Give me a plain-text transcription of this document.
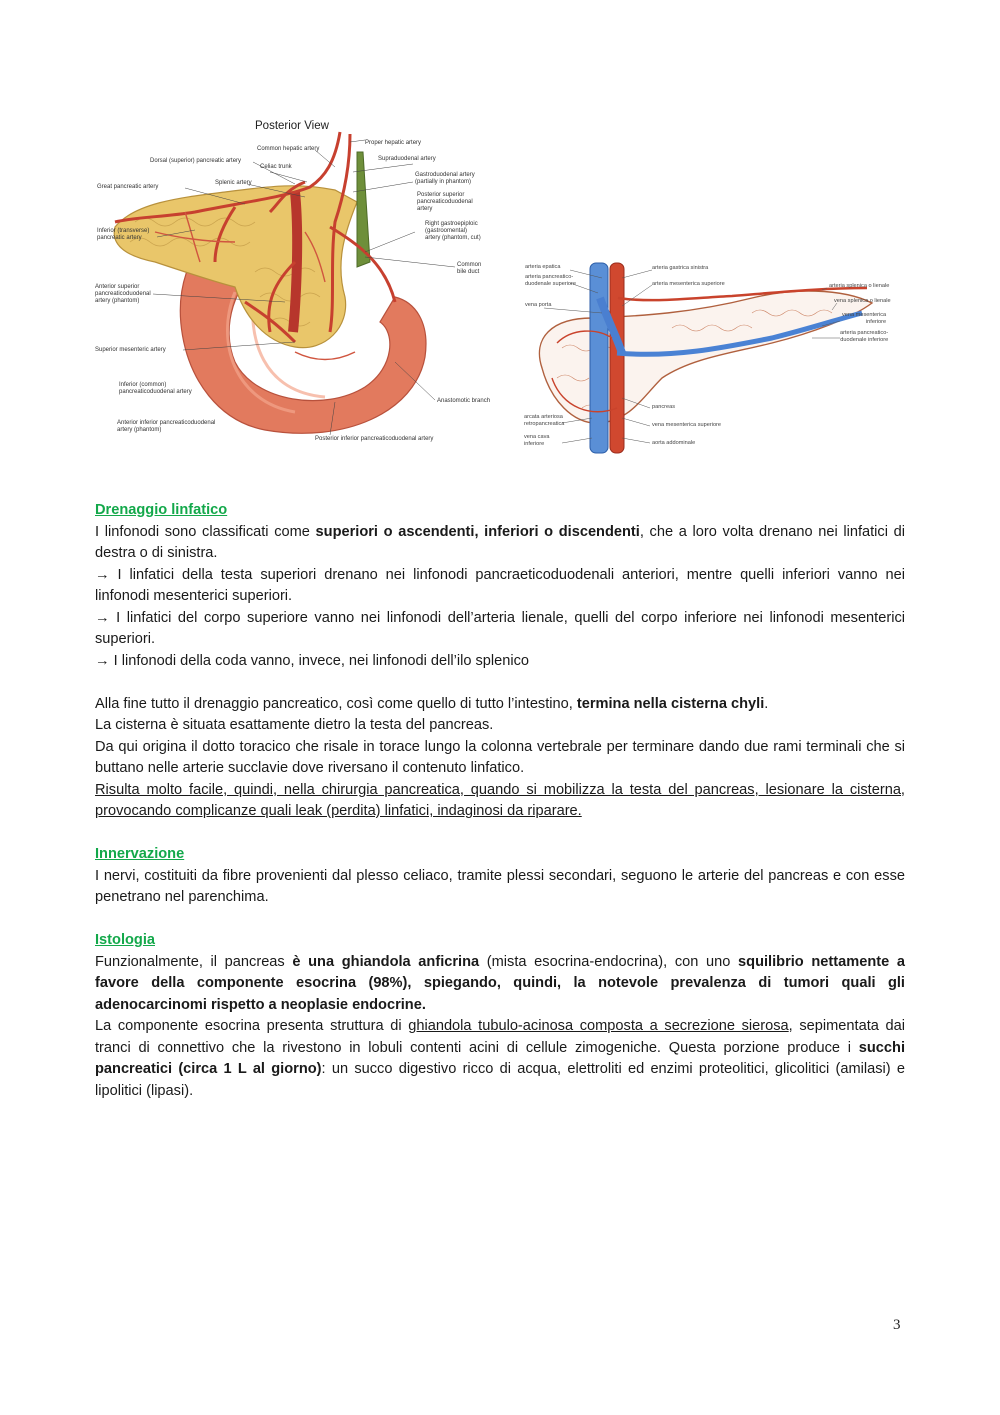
Posterior View
Common hepatic artery
Proper hepatic artery
Dorsal (superior) pancreatic artery
Celiac trunk
Supraduodenal artery
Splenic artery
Gastroduodenal artery
(partially in phantom)
Great pancreatic artery
Posterior superior
pancreaticoduodenal
artery
Inferior (transverse)
pancreatic artery
Right gastroepiploic
(gastroomental)
artery (phantom, cut)
Common
bile duct
Anterior superior
pancreaticoduodenal
artery (phantom)
Superior mesenteric artery
Inferior (common)
pancreaticoduodenal artery
Anastomotic branch
Anterior inferior pancreaticoduodenal
artery (phantom)
Posterior inferior pancreaticoduodenal artery
arteria epatica
arteria pancreatico-
duodenale superiore
vena porta
arteria gastrica sinistra
arteria mesenterica superiore	arteria splenica o lienale
vena splenica o lienale
vena mesenterica
inferiore
arteria pancreatico-
duodenale inferiore
arcata arteriosa
retropancreatica
vena cava
inferiore
pancreas
vena mesenterica superiore
aorta addominale

Drenaggio linfatico

I linfonodi sono classificati come superiori o ascendenti, inferiori o discendenti, che a loro volta drenano nei linfatici di destra o di sinistra.

→ I linfatici della testa superiori drenano nei linfonodi pancraeticoduodenali anteriori, mentre quelli inferiori vanno nei linfonodi mesenterici superiori.

→ I linfatici del corpo superiore vanno nei linfonodi dell’arteria lienale, quelli del corpo inferiore nei linfonodi mesenterici superiori.

→ I linfonodi della coda vanno, invece, nei linfonodi dell’ilo splenico

Alla fine tutto il drenaggio pancreatico, così come quello di tutto l’intestino, termina nella cisterna chyli.

La cisterna è situata esattamente dietro la testa del pancreas.

Da qui origina il dotto toracico che risale in torace lungo la colonna vertebrale per terminare dando due rami terminali che si buttano nelle arterie succlavie dove riversano il contenuto linfatico.

Risulta molto facile, quindi, nella chirurgia pancreatica, quando si mobilizza la testa del pancreas, lesionare la cisterna, provocando complicanze quali leak (perdita) linfatici, indaginosi da riparare.

Innervazione

I nervi, costituiti da fibre provenienti dal plesso celiaco, tramite plessi secondari, seguono le arterie del pancreas e con esse penetrano nel parenchima.

Istologia

Funzionalmente, il pancreas è una ghiandola anficrina (mista esocrina-endocrina), con uno squilibrio nettamente a favore della componente esocrina (98%), spiegando, quindi, la notevole prevalenza di tumori quali gli adenocarcinomi rispetto a neoplasie endocrine.

La componente esocrina presenta struttura di ghiandola tubulo-acinosa composta a secrezione sierosa, sepimentata dai tranci di connettivo che la rivestono in lobuli contenti acini di cellule zimogeniche. Questa porzione produce i succhi pancreatici (circa 1 L al giorno): un succo digestivo ricco di acqua, elettroliti ed enzimi proteolitici, glicolitici (amilasi) e lipolitici (lipasi).

3
